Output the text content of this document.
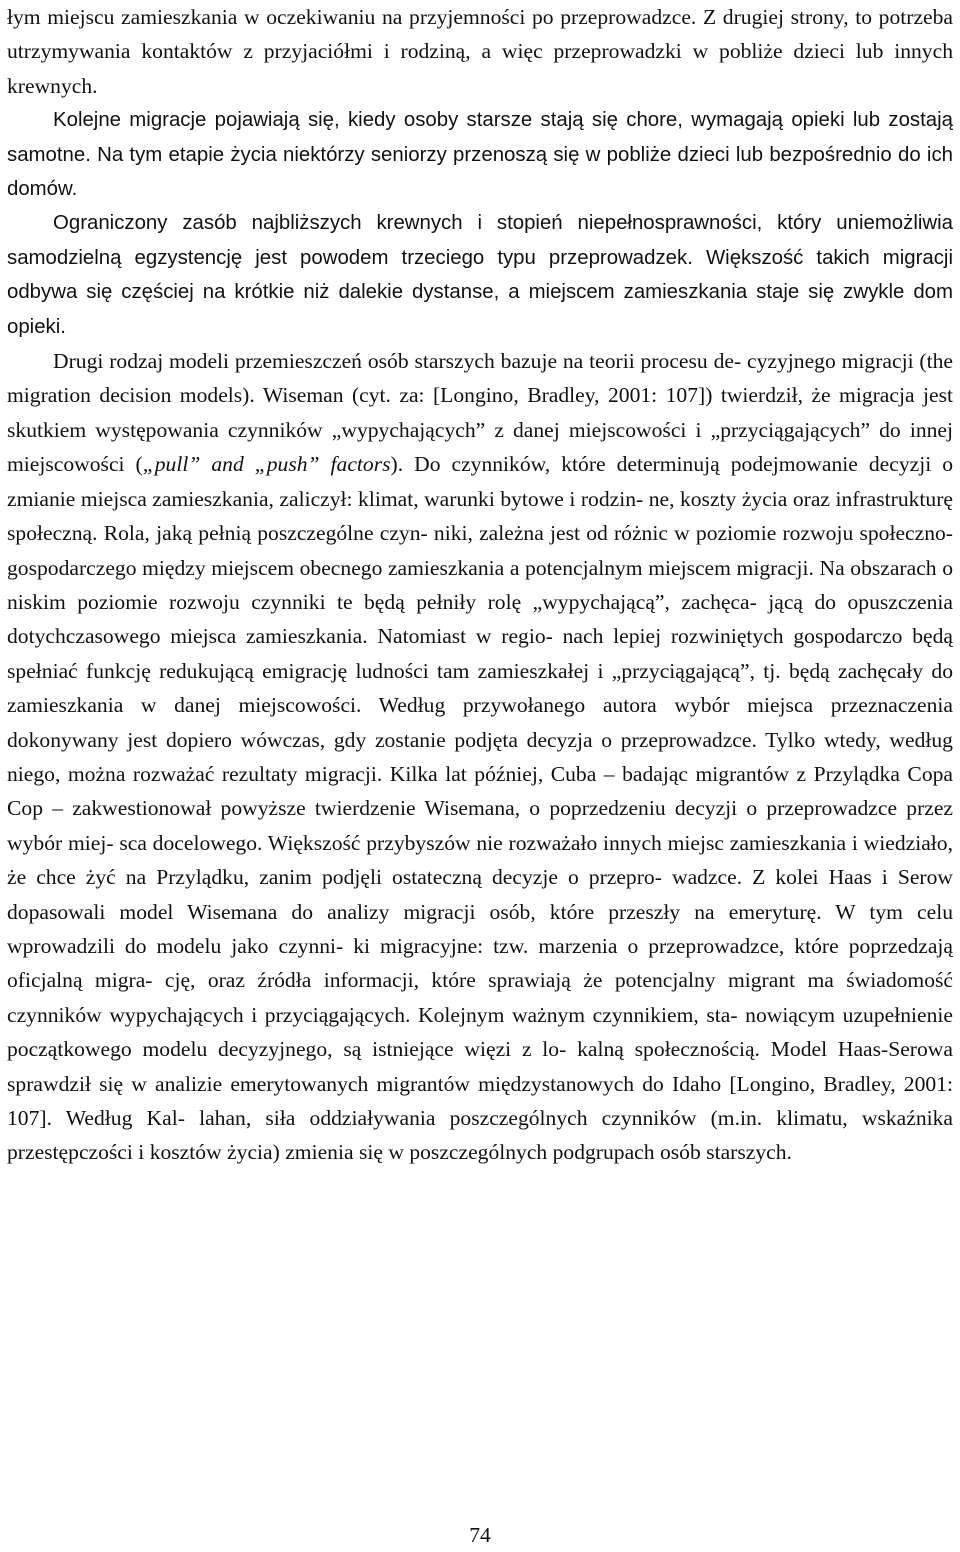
łym miejscu zamieszkania w oczekiwaniu na przyjemności po przeprowadzce. Z drugiej strony, to potrzeba utrzymywania kontaktów z przyjaciółmi i rodziną, a więc przeprowadzki w pobliże dzieci lub innych krewnych.

Kolejne migracje pojawiają się, kiedy osoby starsze stają się chore, wymagają opieki lub zostają samotne. Na tym etapie życia niektórzy seniorzy przenoszą się w pobliże dzieci lub bezpośrednio do ich domów.

Ograniczony zasób najbliższych krewnych i stopień niepełnosprawności, który uniemożliwia samodzielną egzystencję jest powodem trzeciego typu przeprowadzek. Większość takich migracji odbywa się częściej na krótkie niż dalekie dystanse, a miejscem zamieszkania staje się zwykle dom opieki.

Drugi rodzaj modeli przemieszczeń osób starszych bazuje na teorii procesu de- cyzyjnego migracji (the migration decision models). Wiseman (cyt. za: [Longino, Bradley, 2001: 107]) twierdził, że migracja jest skutkiem występowania czynników „wypychających” z danej miejscowości i „przyciągających” do innej miejscowości („pull” and „push” factors). Do czynników, które determinują podejmowanie decyzji o zmianie miejsca zamieszkania, zaliczył: klimat, warunki bytowe i rodzin- ne, koszty życia oraz infrastrukturę społeczną. Rola, jaką pełnią poszczególne czyn- niki, zależna jest od różnic w poziomie rozwoju społeczno-gospodarczego między miejscem obecnego zamieszkania a potencjalnym miejscem migracji. Na obszarach o niskim poziomie rozwoju czynniki te będą pełniły rolę „wypychającą”, zachęca- jącą do opuszczenia dotychczasowego miejsca zamieszkania. Natomiast w regio- nach lepiej rozwiniętych gospodarczo będą spełniać funkcję redukującą emigrację ludności tam zamieszkałej i „przyciągającą”, tj. będą zachęcały do zamieszkania w danej miejscowości. Według przywołanego autora wybór miejsca przeznaczenia dokonywany jest dopiero wówczas, gdy zostanie podjęta decyzja o przeprowadzce. Tylko wtedy, według niego, można rozważać rezultaty migracji. Kilka lat później, Cuba – badając migrantów z Przylądka Copa Cop – zakwestionował powyższe twierdzenie Wisemana, o poprzedzeniu decyzji o przeprowadzce przez wybór miej- sca docelowego. Większość przybyszów nie rozważało innych miejsc zamieszkania i wiedziało, że chce żyć na Przylądku, zanim podjęli ostateczną decyzje o przepro- wadzce. Z kolei Haas i Serow dopasowali model Wisemana do analizy migracji osób, które przeszły na emeryturę. W tym celu wprowadzili do modelu jako czynni- ki migracyjne: tzw. marzenia o przeprowadzce, które poprzedzają oficjalną migra- cję, oraz źródła informacji, które sprawiają że potencjalny migrant ma świadomość czynników wypychających i przyciągających. Kolejnym ważnym czynnikiem, sta- nowiącym uzupełnienie początkowego modelu decyzyjnego, są istniejące więzi z lo- kalną społecznością. Model Haas-Serowa sprawdził się w analizie emerytowanych migrantów międzystanowych do Idaho [Longino, Bradley, 2001: 107]. Według Kal- lahan, siła oddziaływania poszczególnych czynników (m.in. klimatu, wskaźnika przestępczości i kosztów życia) zmienia się w poszczególnych podgrupach osób starszych.

74
